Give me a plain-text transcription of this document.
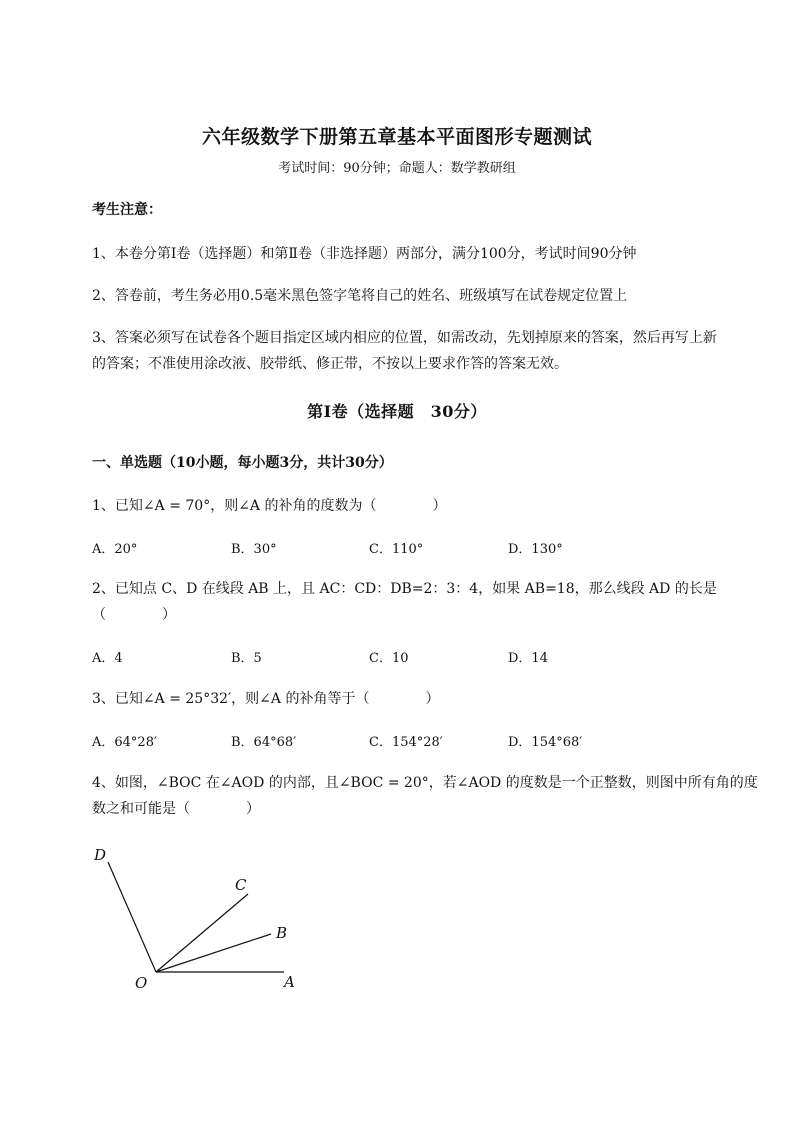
六年级数学下册第五章基本平面图形专题测试
考试时间：90分钟；命题人：数学教研组
考生注意：
1、本卷分第I卷（选择题）和第Ⅱ卷（非选择题）两部分，满分100分，考试时间90分钟
2、答卷前，考生务必用0.5毫米黑色签字笔将自己的姓名、班级填写在试卷规定位置上
3、答案必须写在试卷各个题目指定区域内相应的位置，如需改动，先划掉原来的答案，然后再写上新
的答案；不准使用涂改液、胶带纸、修正带，不按以上要求作答的答案无效。
第I卷（选择题　30分）
一、单选题（10小题，每小题3分，共计30分）
1、已知∠A = 70°，则∠A 的补角的度数为（　　　　）
A．20°	B．30°	C．110°	D．130°
2、已知点 C、D 在线段 AB 上，且 AC：CD：DB=2：3：4，如果 AB=18，那么线段 AD 的长是
（　　　　）
A．4	B．5	C．10	D．14
3、已知∠A = 25°32′，则∠A 的补角等于（　　　　）
A．64°28′	B．64°68′	C．154°28′	D．154°68′
4、如图，∠BOC 在∠AOD 的内部，且∠BOC = 20°，若∠AOD 的度数是一个正整数，则图中所有角的度
数之和可能是（　　　　）
D
C
B
O	A
